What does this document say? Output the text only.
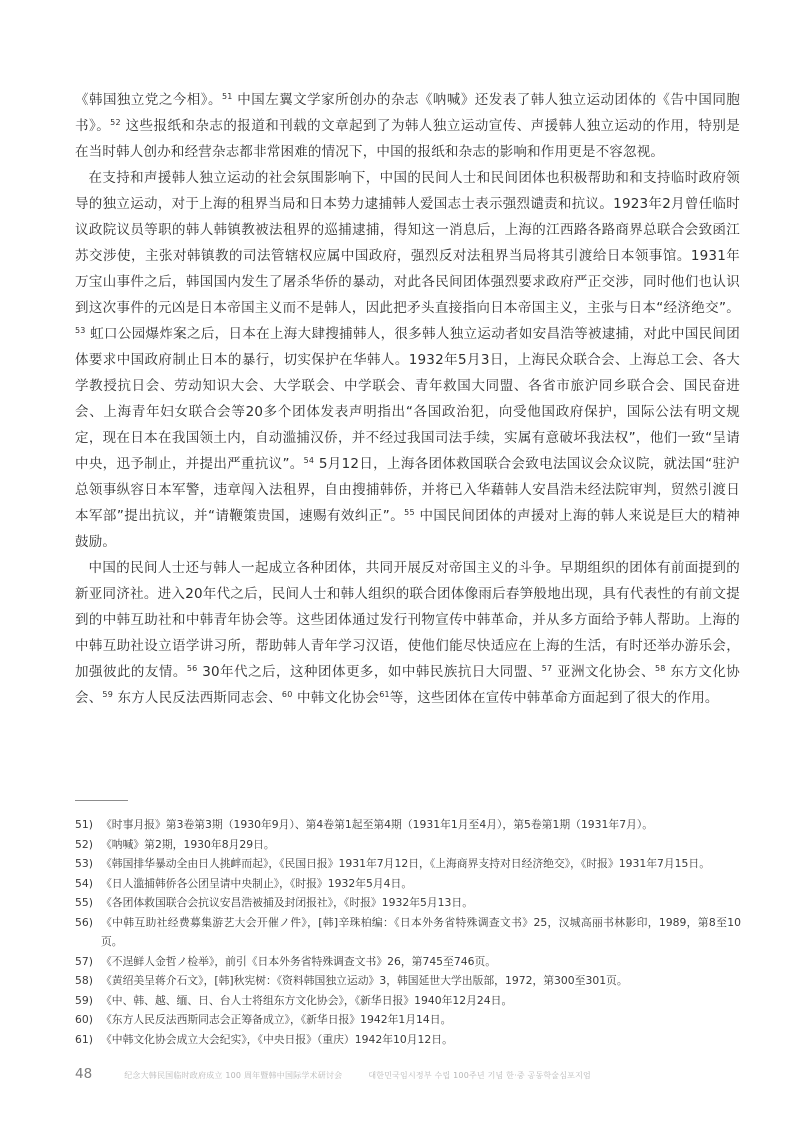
《韩国独立党之今相》。$^{51}$ 中国左翼文学家所创办的杂志《呐喊》还发表了韩人独立运动团体的《告中国同胞书》。$^{52}$ 这些报纸和杂志的报道和刊载的文章起到了为韩人独立运动宣传、声援韩人独立运动的作用，特别是在当时韩人创办和经营杂志都非常困难的情况下，中国的报纸和杂志的影响和作用更是不容忽视。

在支持和声援韩人独立运动的社会氛围影响下，中国的民间人士和民间团体也积极帮助和和支持临时政府领导的独立运动，对于上海的租界当局和日本势力逮捕韩人爱国志士表示强烈谴责和抗议。1923年2月曾任临时议政院议员等职的韩人韩镇教被法租界的巡捕逮捕，得知这一消息后，上海的江西路各路商界总联合会致函江苏交涉使，主张对韩镇教的司法管辖权应属中国政府，强烈反对法租界当局将其引渡给日本领事馆。1931年万宝山事件之后，韩国国内发生了屠杀华侨的暴动，对此各民间团体强烈要求政府严正交涉，同时他们也认识到这次事件的元凶是日本帝国主义而不是韩人，因此把矛头直接指向日本帝国主义，主张与日本“经济绝交”。$^{53}$ 虹口公园爆炸案之后，日本在上海大肆搜捕韩人，很多韩人独立运动者如安昌浩等被逮捕，对此中国民间团体要求中国政府制止日本的暴行，切实保护在华韩人。1932年5月3日，上海民众联合会、上海总工会、各大学教授抗日会、劳动知识大会、大学联会、中学联会、青年救国大同盟、各省市旅沪同乡联合会、国民奋进会、上海青年妇女联合会等20多个团体发表声明指出“各国政治犯，向受他国政府保护，国际公法有明文规定，现在日本在我国领土内，自动滥捕汉侨，并不经过我国司法手续，实属有意破坏我法权”，他们一致“呈请中央，迅予制止，并提出严重抗议”。$^{54}$ 5月12日，上海各团体救国联合会致电法国议会众议院，就法国“驻沪总领事纵容日本军警，违章闯入法租界，自由搜捕韩侨，并将已入华藉韩人安昌浩未经法院审判，贸然引渡日本军部”提出抗议，并“请鞭策贵国，速赐有效纠正”。$^{55}$ 中国民间团体的声援对上海的韩人来说是巨大的精神鼓励。

中国的民间人士还与韩人一起成立各种团体，共同开展反对帝国主义的斗争。早期组织的团体有前面提到的新亚同济社。进入20年代之后，民间人士和韩人组织的联合团体像雨后春笋般地出现，具有代表性的有前文提到的中韩互助社和中韩青年协会等。这些团体通过发行刊物宣传中韩革命，并从多方面给予韩人帮助。上海的中韩互助社设立语学讲习所，帮助韩人青年学习汉语，使他们能尽快适应在上海的生活，有时还举办游乐会，加强彼此的友情。$^{56}$ 30年代之后，这种团体更多，如中韩民族抗日大同盟、$^{57}$ 亚洲文化协会、$^{58}$ 东方文化协会、$^{59}$ 东方人民反法西斯同志会、$^{60}$ 中韩文化协会$^{61}$等，这些团体在宣传中韩革命方面起到了很大的作用。

51) 《时事月报》第3卷第3期（1930年9月）、第4卷第1起至第4期（1931年1月至4月），第5卷第1期（1931年7月）。
52) 《呐喊》第2期，1930年8月29日。
53) 《韩国排华暴动全由日人挑衅而起》，《民国日报》1931年7月12日，《上海商界支持对日经济绝交》，《时报》1931年7月15日。
54) 《日人滥捕韩侨各公团呈请中央制止》，《时报》1932年5月4日。
55) 《各团体救国联合会抗议安昌浩被捕及封闭报社》，《时报》1932年5月13日。
56) 《中韩互助社经费募集游艺大会开催ノ件》，[韩]辛珠柏编：《日本外务省特殊调查文书》25，汉城高丽书林影印，1989，第8至10页。
57) 《不逞鲜人金哲ノ检举》，前引《日本外务省特殊调查文书》26，第745至746页。
58) 《黄绍美呈蒋介石文》，[韩]秋宪树：《资料韩国独立运动》3，韩国延世大学出版部，1972，第300至301页。
59) 《中、韩、越、缅、日、台人士将组东方文化协会》，《新华日报》1940年12月24日。
60) 《东方人民反法西斯同志会正筹备成立》，《新华日报》1942年1月14日。
61) 《中韩文化协会成立大会纪实》，《中央日报》（重庆）1942年10月12日。
48	纪念大韩民国临时政府成立 100 周年暨韩中国际学术研讨会	대한민국임시정부 수립 100주년 기념 한·중 공동학술심포지엄
